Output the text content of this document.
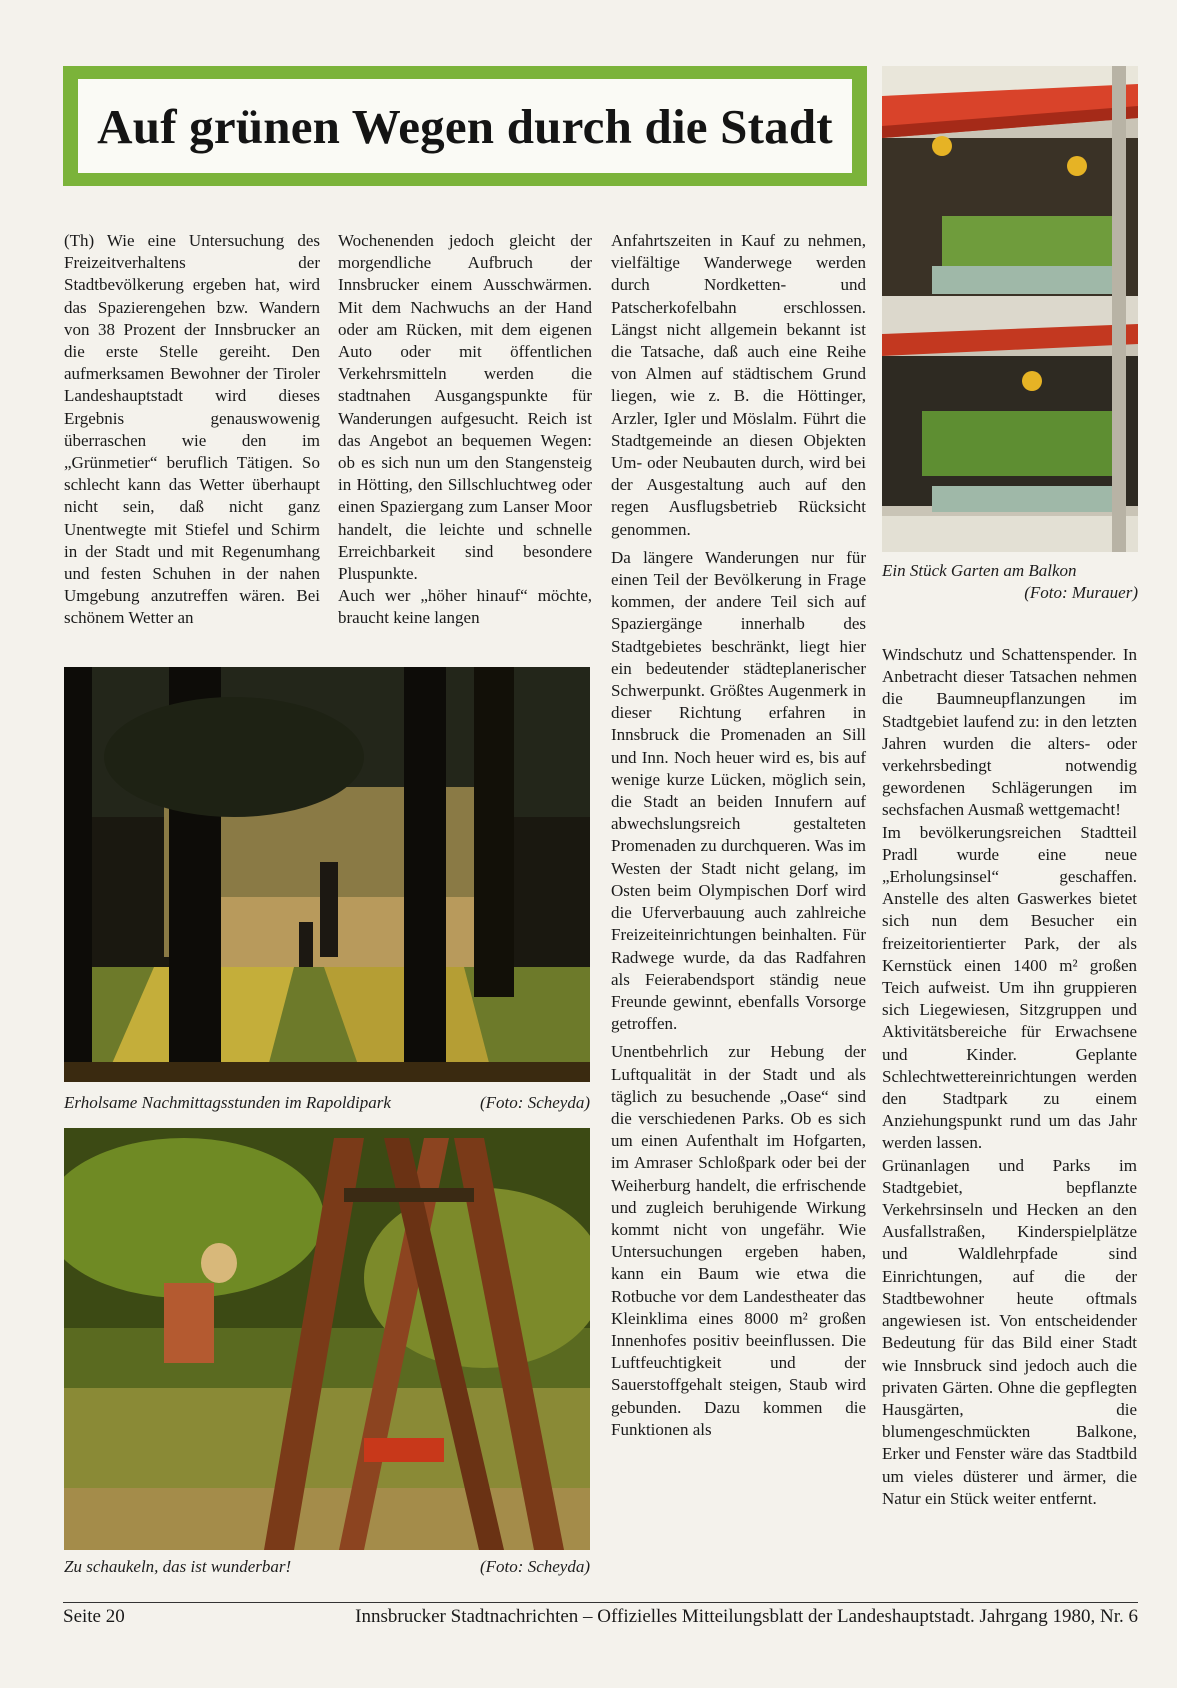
Auf grünen Wegen durch die Stadt

(Th) Wie eine Untersuchung des Freizeitverhaltens der Stadtbevölkerung ergeben hat, wird das Spazierengehen bzw. Wandern von 38 Prozent der Innsbrucker an die erste Stelle gereiht. Den aufmerksamen Bewohner der Tiroler Landeshauptstadt wird dieses Ergebnis genauswowenig überraschen wie den im „Grünmetier“ beruflich Tätigen. So schlecht kann das Wetter überhaupt nicht sein, daß nicht ganz Unentwegte mit Stiefel und Schirm in der Stadt und mit Regenumhang und festen Schuhen in der nahen Umgebung anzutreffen wären. Bei schönem Wetter an

Wochenenden jedoch gleicht der morgendliche Aufbruch der Innsbrucker einem Ausschwärmen. Mit dem Nachwuchs an der Hand oder am Rücken, mit dem eigenen Auto oder mit öffentlichen Verkehrsmitteln werden die stadtnahen Ausgangspunkte für Wanderungen aufgesucht. Reich ist das Angebot an bequemen Wegen: ob es sich nun um den Stangensteig in Hötting, den Sillschluchtweg oder einen Spaziergang zum Lanser Moor handelt, die leichte und schnelle Erreichbarkeit sind besondere Pluspunkte.

Auch wer „höher hinauf“ möchte, braucht keine langen

Anfahrtszeiten in Kauf zu nehmen, vielfältige Wanderwege werden durch Nordketten- und Patscherkofelbahn erschlossen. Längst nicht allgemein bekannt ist die Tatsache, daß auch eine Reihe von Almen auf städtischem Grund liegen, wie z. B. die Höttinger, Arzler, Igler und Möslalm. Führt die Stadtgemeinde an diesen Objekten Um- oder Neubauten durch, wird bei der Ausgestaltung auch auf den regen Ausflugsbetrieb Rücksicht genommen.

Da längere Wanderungen nur für einen Teil der Bevölkerung in Frage kommen, der andere Teil sich auf Spaziergänge innerhalb des Stadtgebietes beschränkt, liegt hier ein bedeutender städteplanerischer Schwerpunkt. Größtes Augenmerk in dieser Richtung erfahren in Innsbruck die Promenaden an Sill und Inn. Noch heuer wird es, bis auf wenige kurze Lücken, möglich sein, die Stadt an beiden Innufern auf abwechslungsreich gestalteten Promenaden zu durchqueren. Was im Westen der Stadt nicht gelang, im Osten beim Olympischen Dorf wird die Uferverbauung auch zahlreiche Freizeiteinrichtungen beinhalten. Für Radwege wurde, da das Radfahren als Feierabendsport ständig neue Freunde gewinnt, ebenfalls Vorsorge getroffen.

Unentbehrlich zur Hebung der Luftqualität in der Stadt und als täglich zu besuchende „Oase“ sind die verschiedenen Parks. Ob es sich um einen Aufenthalt im Hofgarten, im Amraser Schloßpark oder bei der Weiherburg handelt, die erfrischende und zugleich beruhigende Wirkung kommt nicht von ungefähr. Wie Untersuchungen ergeben haben, kann ein Baum wie etwa die Rotbuche vor dem Landestheater das Kleinklima eines 8000 m² großen Innenhofes positiv beeinflussen. Die Luftfeuchtigkeit und der Sauerstoffgehalt steigen, Staub wird gebunden. Dazu kommen die Funktionen als

Windschutz und Schattenspender. In Anbetracht dieser Tatsachen nehmen die Baumneupflanzungen im Stadtgebiet laufend zu: in den letzten Jahren wurden die alters- oder verkehrsbedingt notwendig gewordenen Schlägerungen im sechsfachen Ausmaß wettgemacht!

Im bevölkerungsreichen Stadtteil Pradl wurde eine neue „Erholungsinsel“ geschaffen. Anstelle des alten Gaswerkes bietet sich nun dem Besucher ein freizeitorientierter Park, der als Kernstück einen 1400 m² großen Teich aufweist. Um ihn gruppieren sich Liegewiesen, Sitzgruppen und Aktivitätsbereiche für Erwachsene und Kinder. Geplante Schlechtwettereinrichtungen werden den Stadtpark zu einem Anziehungspunkt rund um das Jahr werden lassen.

Grünanlagen und Parks im Stadtgebiet, bepflanzte Verkehrsinseln und Hecken an den Ausfallstraßen, Kinderspielplätze und Waldlehrpfade sind Einrichtungen, auf die der Stadtbewohner heute oftmals angewiesen ist. Von entscheidender Bedeutung für das Bild einer Stadt wie Innsbruck sind jedoch auch die privaten Gärten. Ohne die gepflegten Hausgärten, die blumengeschmückten Balkone, Erker und Fenster wäre das Stadtbild um vieles düsterer und ärmer, die Natur ein Stück weiter entfernt.

Ein Stück Garten am Balkon
(Foto: Murauer)
Erholsame Nachmittagsstunden im Rapoldipark	(Foto: Scheyda)
Zu schaukeln, das ist wunderbar!	(Foto: Scheyda)
Seite 20	Innsbrucker Stadtnachrichten – Offizielles Mitteilungsblatt der Landeshauptstadt. Jahrgang 1980, Nr. 6
